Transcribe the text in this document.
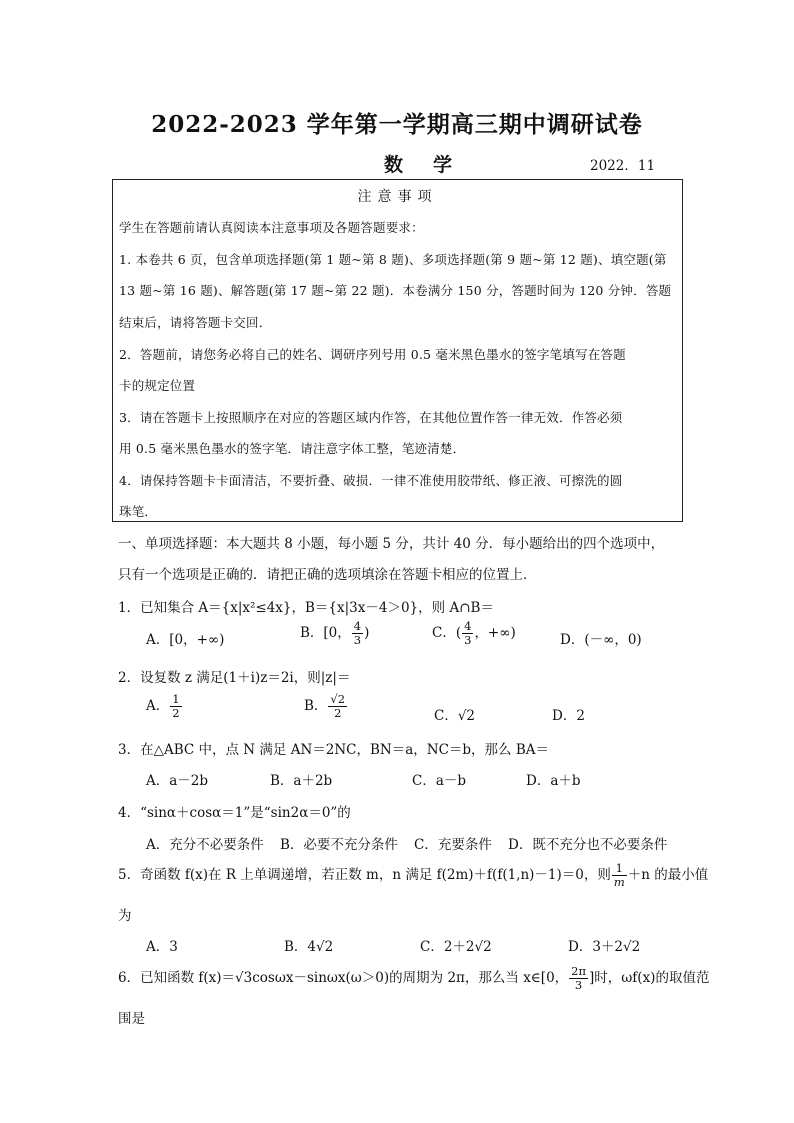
2022-2023 学年第一学期高三期中调研试卷
数学	2022．11
注意事项
学生在答题前请认真阅读本注意事项及各题答题要求：
1. 本卷共 6 页，包含单项选择题(第 1 题~第 8 题)、多项选择题(第 9 题~第 12 题)、填空题(第
13 题~第 16 题)、解答题(第 17 题~第 22 题)．本卷满分 150 分，答题时间为 120 分钟．答题
结束后，请将答题卡交回．
2．答题前，请您务必将自己的姓名、调研序列号用 0.5 毫米黑色墨水的签字笔填写在答题
卡的规定位置
3．请在答题卡上按照顺序在对应的答题区域内作答，在其他位置作答一律无效．作答必须
用 0.5 毫米黑色墨水的签字笔．请注意字体工整，笔迹清楚．
4．请保持答题卡卡面清洁，不要折叠、破损．一律不准使用胶带纸、修正液、可擦洗的圆
珠笔．
一、单项选择题：本大题共 8 小题，每小题 5 分，共计 40 分．每小题给出的四个选项中，
只有一个选项是正确的．请把正确的选项填涂在答题卡相应的位置上．
1．已知集合 A＝{x|x²≤4x}，B＝{x|3x－4＞0}，则 A∩B＝
A．[0，+∞)	B．[0， $\frac{4}{3}$ )	C．( $\frac{4}{3}$ ，+∞)	D．(－∞，0)
2．设复数 z 满足(1＋i)z＝2i，则|z|＝
A． $\frac{1}{2}$	B． $\frac{√2}{2}$	C．√2	D．2
3．在△ABC 中，点 N 满足 AN＝2NC，BN＝a，NC＝b，那么 BA＝
A．a－2b	B．a＋2b	C．a－b	D．a＋b
4．“sinα＋cosα＝1”是“sin2α＝0”的
A．充分不必要条件 B．必要不充分条件 C．充要条件 D．既不充分也不必要条件
5．奇函数 f(x)在 R 上单调递增，若正数 m，n 满足 f(2m)＋f(f(1,n)－1)＝0，则 $\frac{1}{m} +n$ 的最小值
为
A．3	B．4√2	C．2＋2√2	D．3＋2√2
6．已知函数 f(x)＝√3cosωx－sinωx(ω＞0)的周期为 2π，那么当 x∈[0， $\frac{2\pi}{3}$ ]时，ωf(x)的取值范
围是
